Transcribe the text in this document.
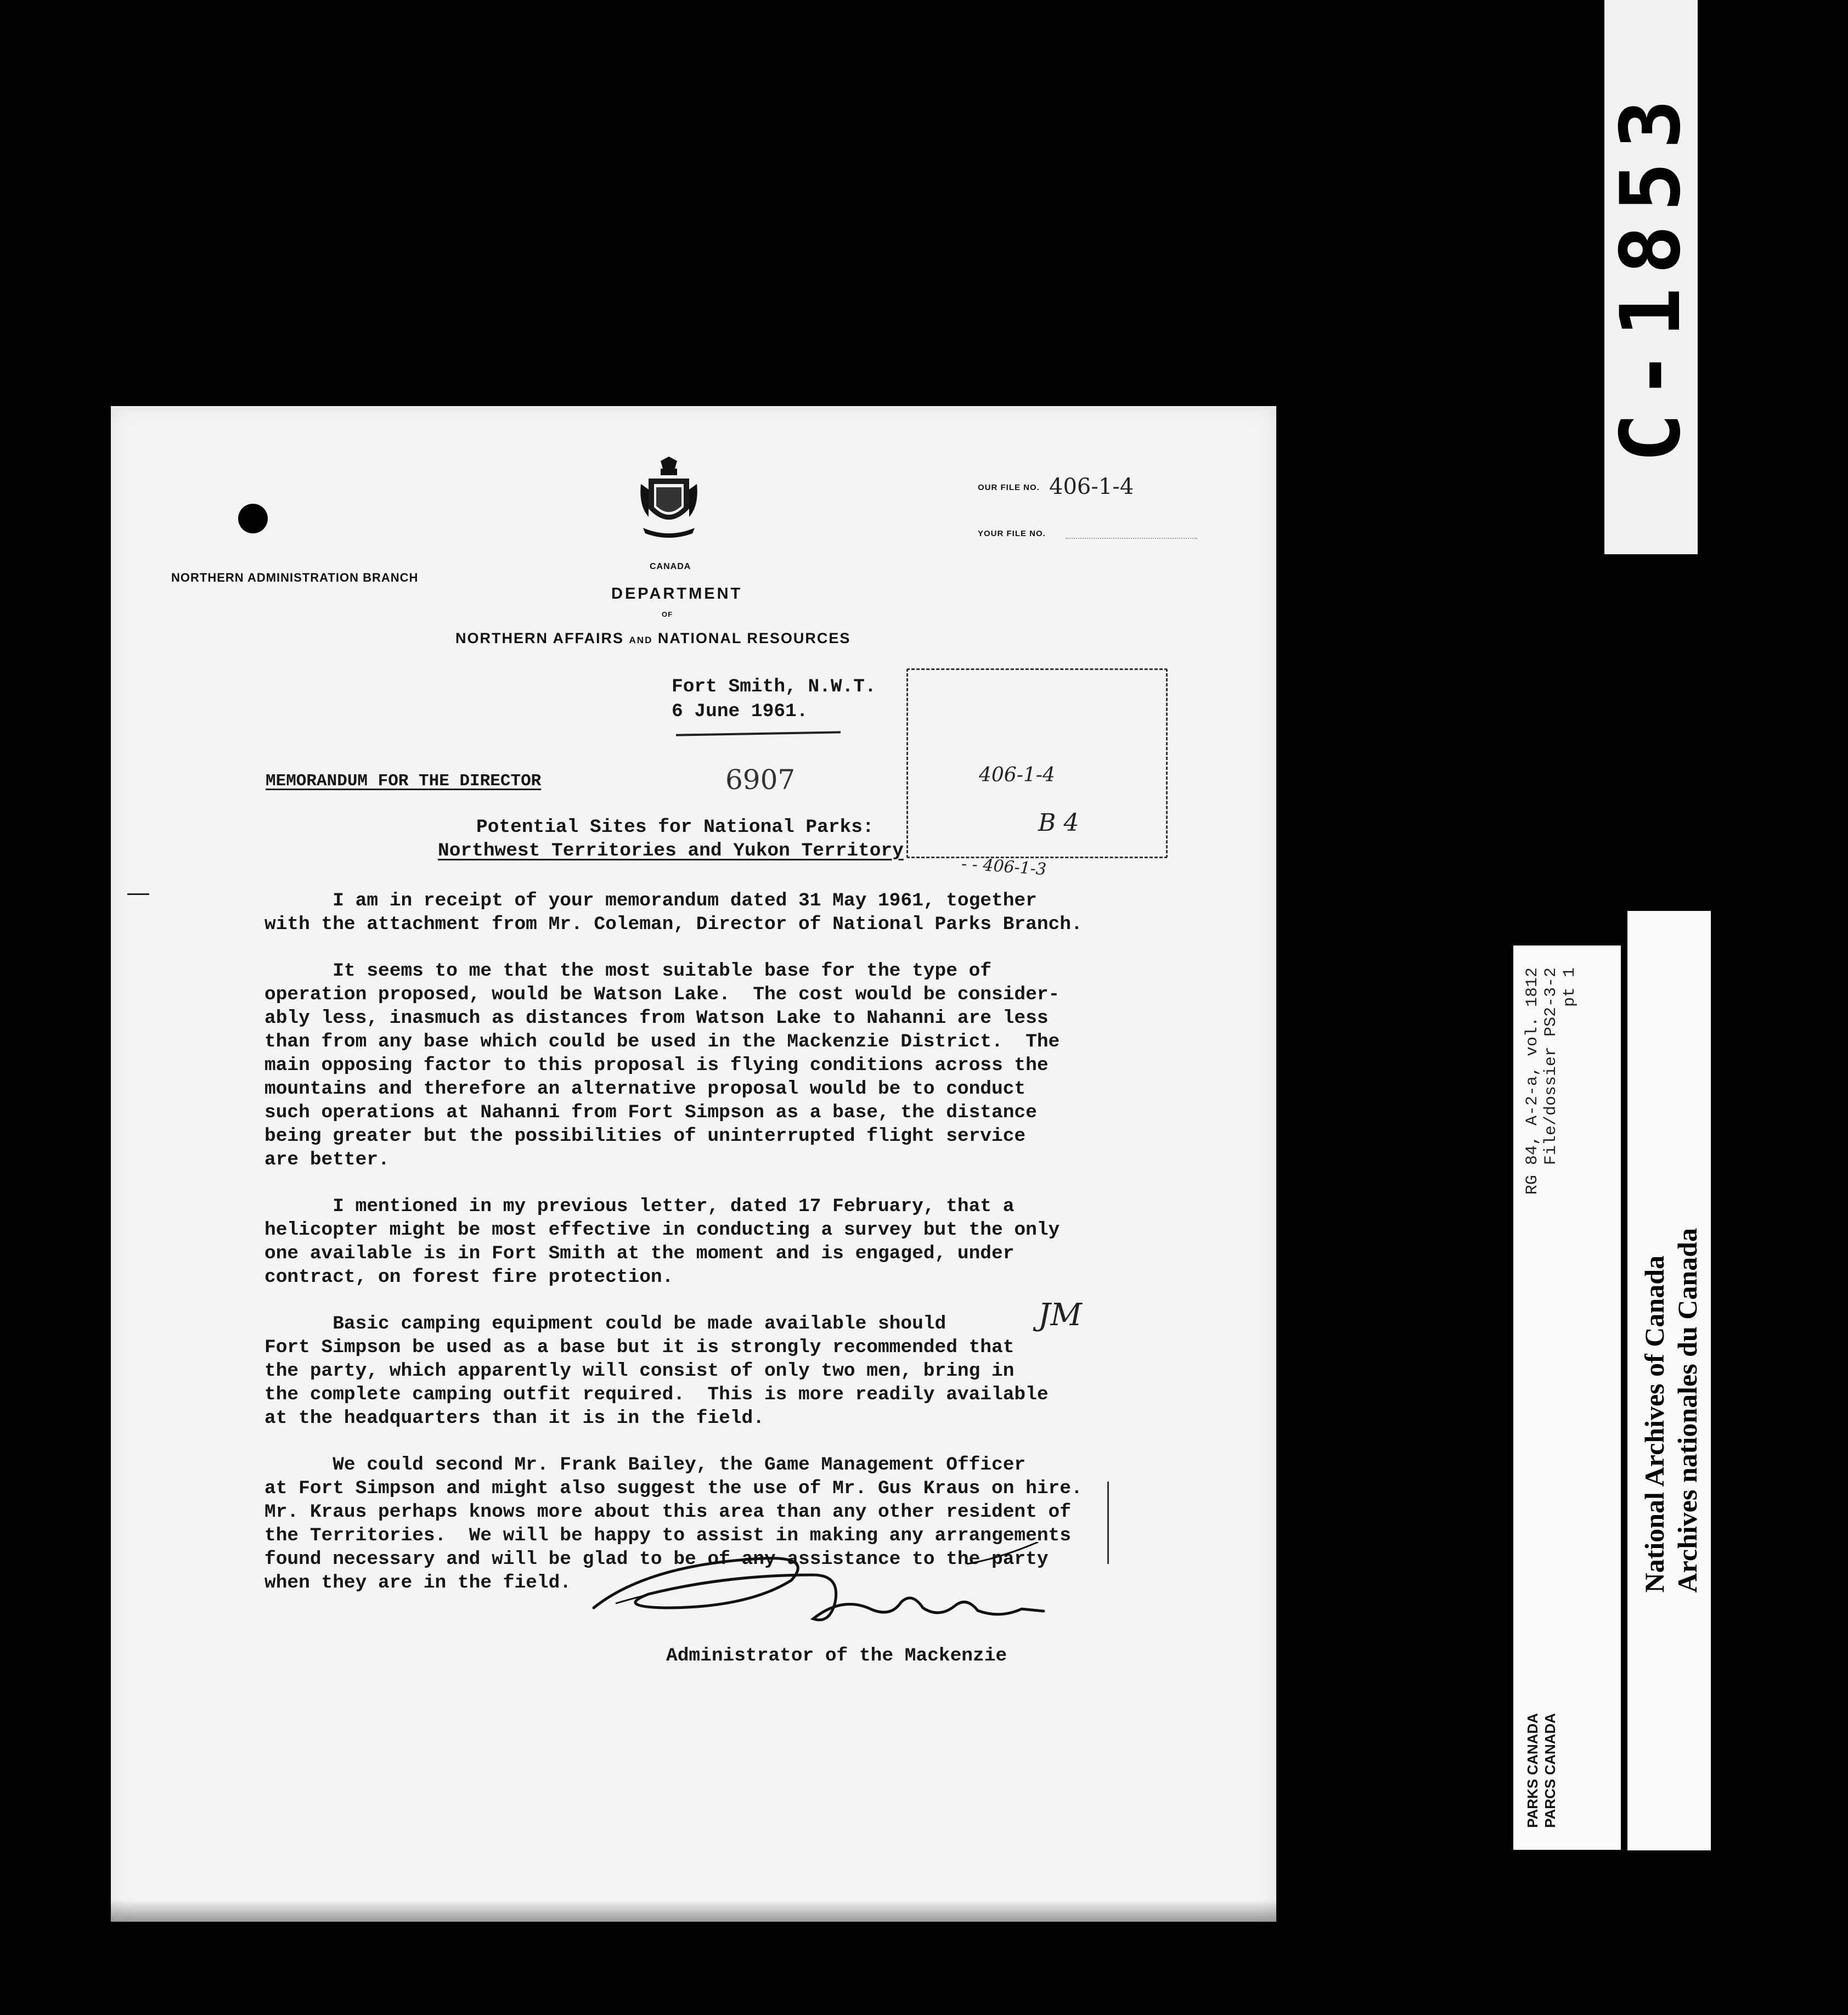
NORTHERN ADMINISTRATION BRANCH
CANADA
DEPARTMENT
OF
NORTHERN AFFAIRS AND NATIONAL RESOURCES
OUR FILE NO. 406-1-4
YOUR FILE NO.
406-1-4
B 4
- - 406-1-3
Fort Smith, N.W.T.
6 June 1961.
MEMORANDUM FOR THE DIRECTOR	6907
Potential Sites for National Parks:
Northwest Territories and Yukon Territory
I am in receipt of your memorandum dated 31 May 1961, together
with the attachment from Mr. Coleman, Director of National Parks Branch.
It seems to me that the most suitable base for the type of
operation proposed, would be Watson Lake.  The cost would be consider-
ably less, inasmuch as distances from Watson Lake to Nahanni are less
than from any base which could be used in the Mackenzie District.  The
main opposing factor to this proposal is flying conditions across the
mountains and therefore an alternative proposal would be to conduct
such operations at Nahanni from Fort Simpson as a base, the distance
being greater but the possibilities of uninterrupted flight service
are better.
I mentioned in my previous letter, dated 17 February, that a
helicopter might be most effective in conducting a survey but the only
one available is in Fort Smith at the moment and is engaged, under
contract, on forest fire protection.
Basic camping equipment could be made available should
Fort Simpson be used as a base but it is strongly recommended that
the party, which apparently will consist of only two men, bring in
the complete camping outfit required.  This is more readily available
at the headquarters than it is in the field.
We could second Mr. Frank Bailey, the Game Management Officer
at Fort Simpson and might also suggest the use of Mr. Gus Kraus on hire.
Mr. Kraus perhaps knows more about this area than any other resident of
the Territories.  We will be happy to assist in making any arrangements
found necessary and will be glad to be of any assistance to the party
when they are in the field.
JM
Administrator of the Mackenzie
C-1853
RG 84, A-2-a, vol. 1812 File/dossier PS2-3-2 pt 1
PARKS CANADA PARCS CANADA
National Archives of Canada Archives nationales du Canada
